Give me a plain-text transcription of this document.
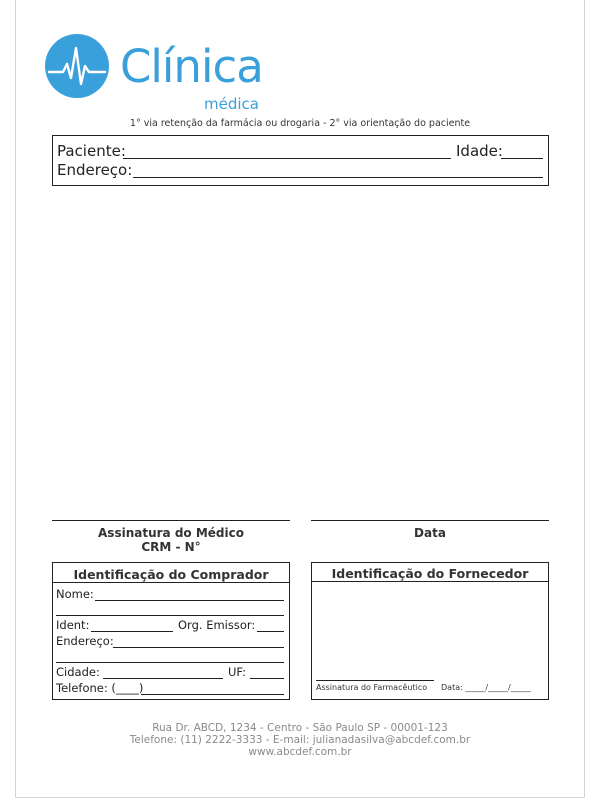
Clínica
médica
1° via retenção da farmácia ou drogaria - 2° via orientação do paciente
Paciente:	Idade:
Endereço:
Assinatura do Médico
CRM - N°
Data
Identificação do Comprador
Nome:
Ident:	Org. Emissor:
Endereço:
Cidade:	UF:
Telefone: (____)
Identificação do Fornecedor
Assinatura do Farmacêutico Data: _____/_____/_____
Rua Dr. ABCD, 1234 - Centro - São Paulo SP - 00001-123
Telefone: (11) 2222-3333 - E-mail: julianadasilva@abcdef.com.br
www.abcdef.com.br
